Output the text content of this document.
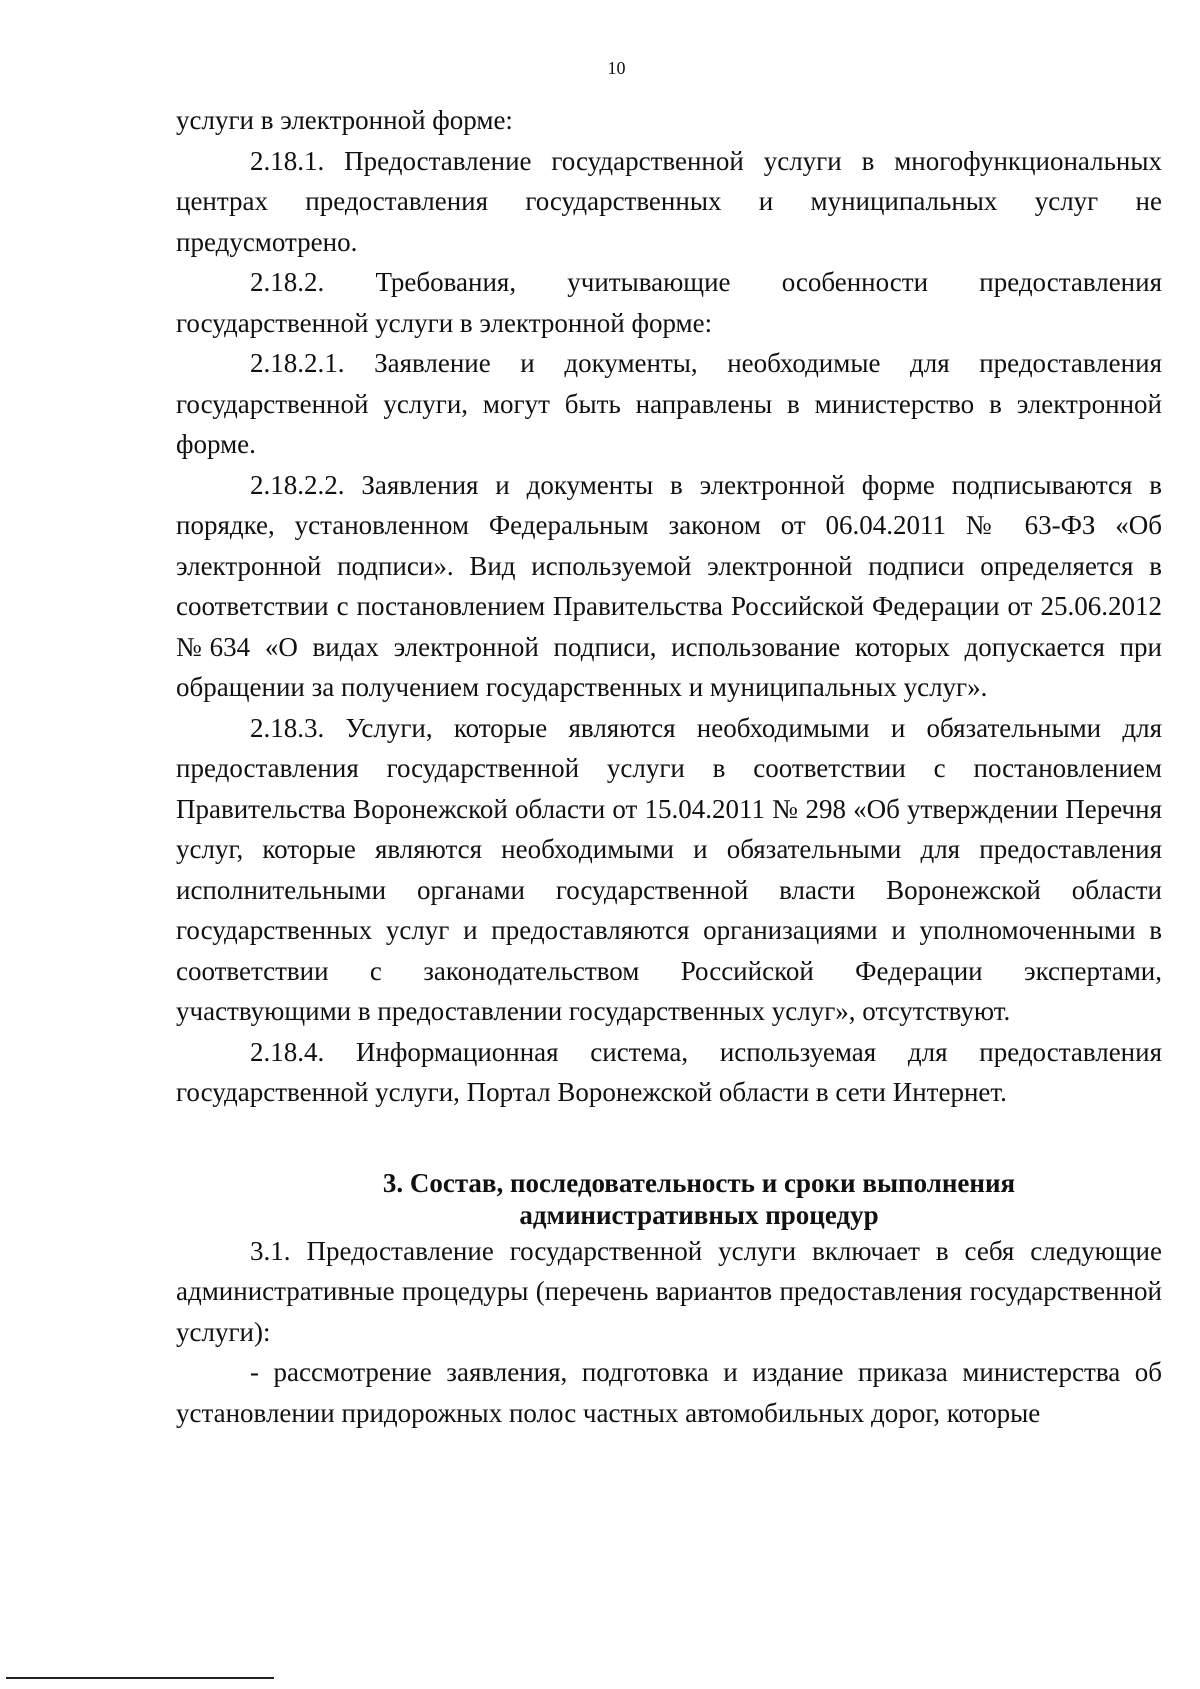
10

услуги в электронной форме:

2.18.1. Предоставление государственной услуги в многофункциональных центрах предоставления государственных и муниципальных услуг не предусмотрено.

2.18.2. Требования, учитывающие особенности предоставления государственной услуги в электронной форме:

2.18.2.1. Заявление и документы, необходимые для предоставления государственной услуги, могут быть направлены в министерство в электронной форме.

2.18.2.2. Заявления и документы в электронной форме подписываются в порядке, установленном Федеральным законом от 06.04.2011 № 63-ФЗ «Об электронной подписи». Вид используемой электронной подписи определяется в соответствии с постановлением Правительства Российской Федерации от 25.06.2012 №634 «О видах электронной подписи, использование которых допускается при обращении за получением государственных и муниципальных услуг».

2.18.3. Услуги, которые являются необходимыми и обязательными для предоставления государственной услуги в соответствии с постановлением Правительства Воронежской области от 15.04.2011 № 298 «Об утверждении Перечня услуг, которые являются необходимыми и обязательными для предоставления исполнительными органами государственной власти Воронежской области государственных услуг и предоставляются организациями и уполномоченными в соответствии с законодательством Российской Федерации экспертами, участвующими в предоставлении государственных услуг», отсутствуют.

2.18.4. Информационная система, используемая для предоставления государственной услуги, Портал Воронежской области в сети Интернет.

3. Состав, последовательность и сроки выполнения
административных процедур

3.1. Предоставление государственной услуги включает в себя следующие административные процедуры (перечень вариантов предоставления государственной услуги):

- рассмотрение заявления, подготовка и издание приказа министерства об установлении придорожных полос частных автомобильных дорог, которые
